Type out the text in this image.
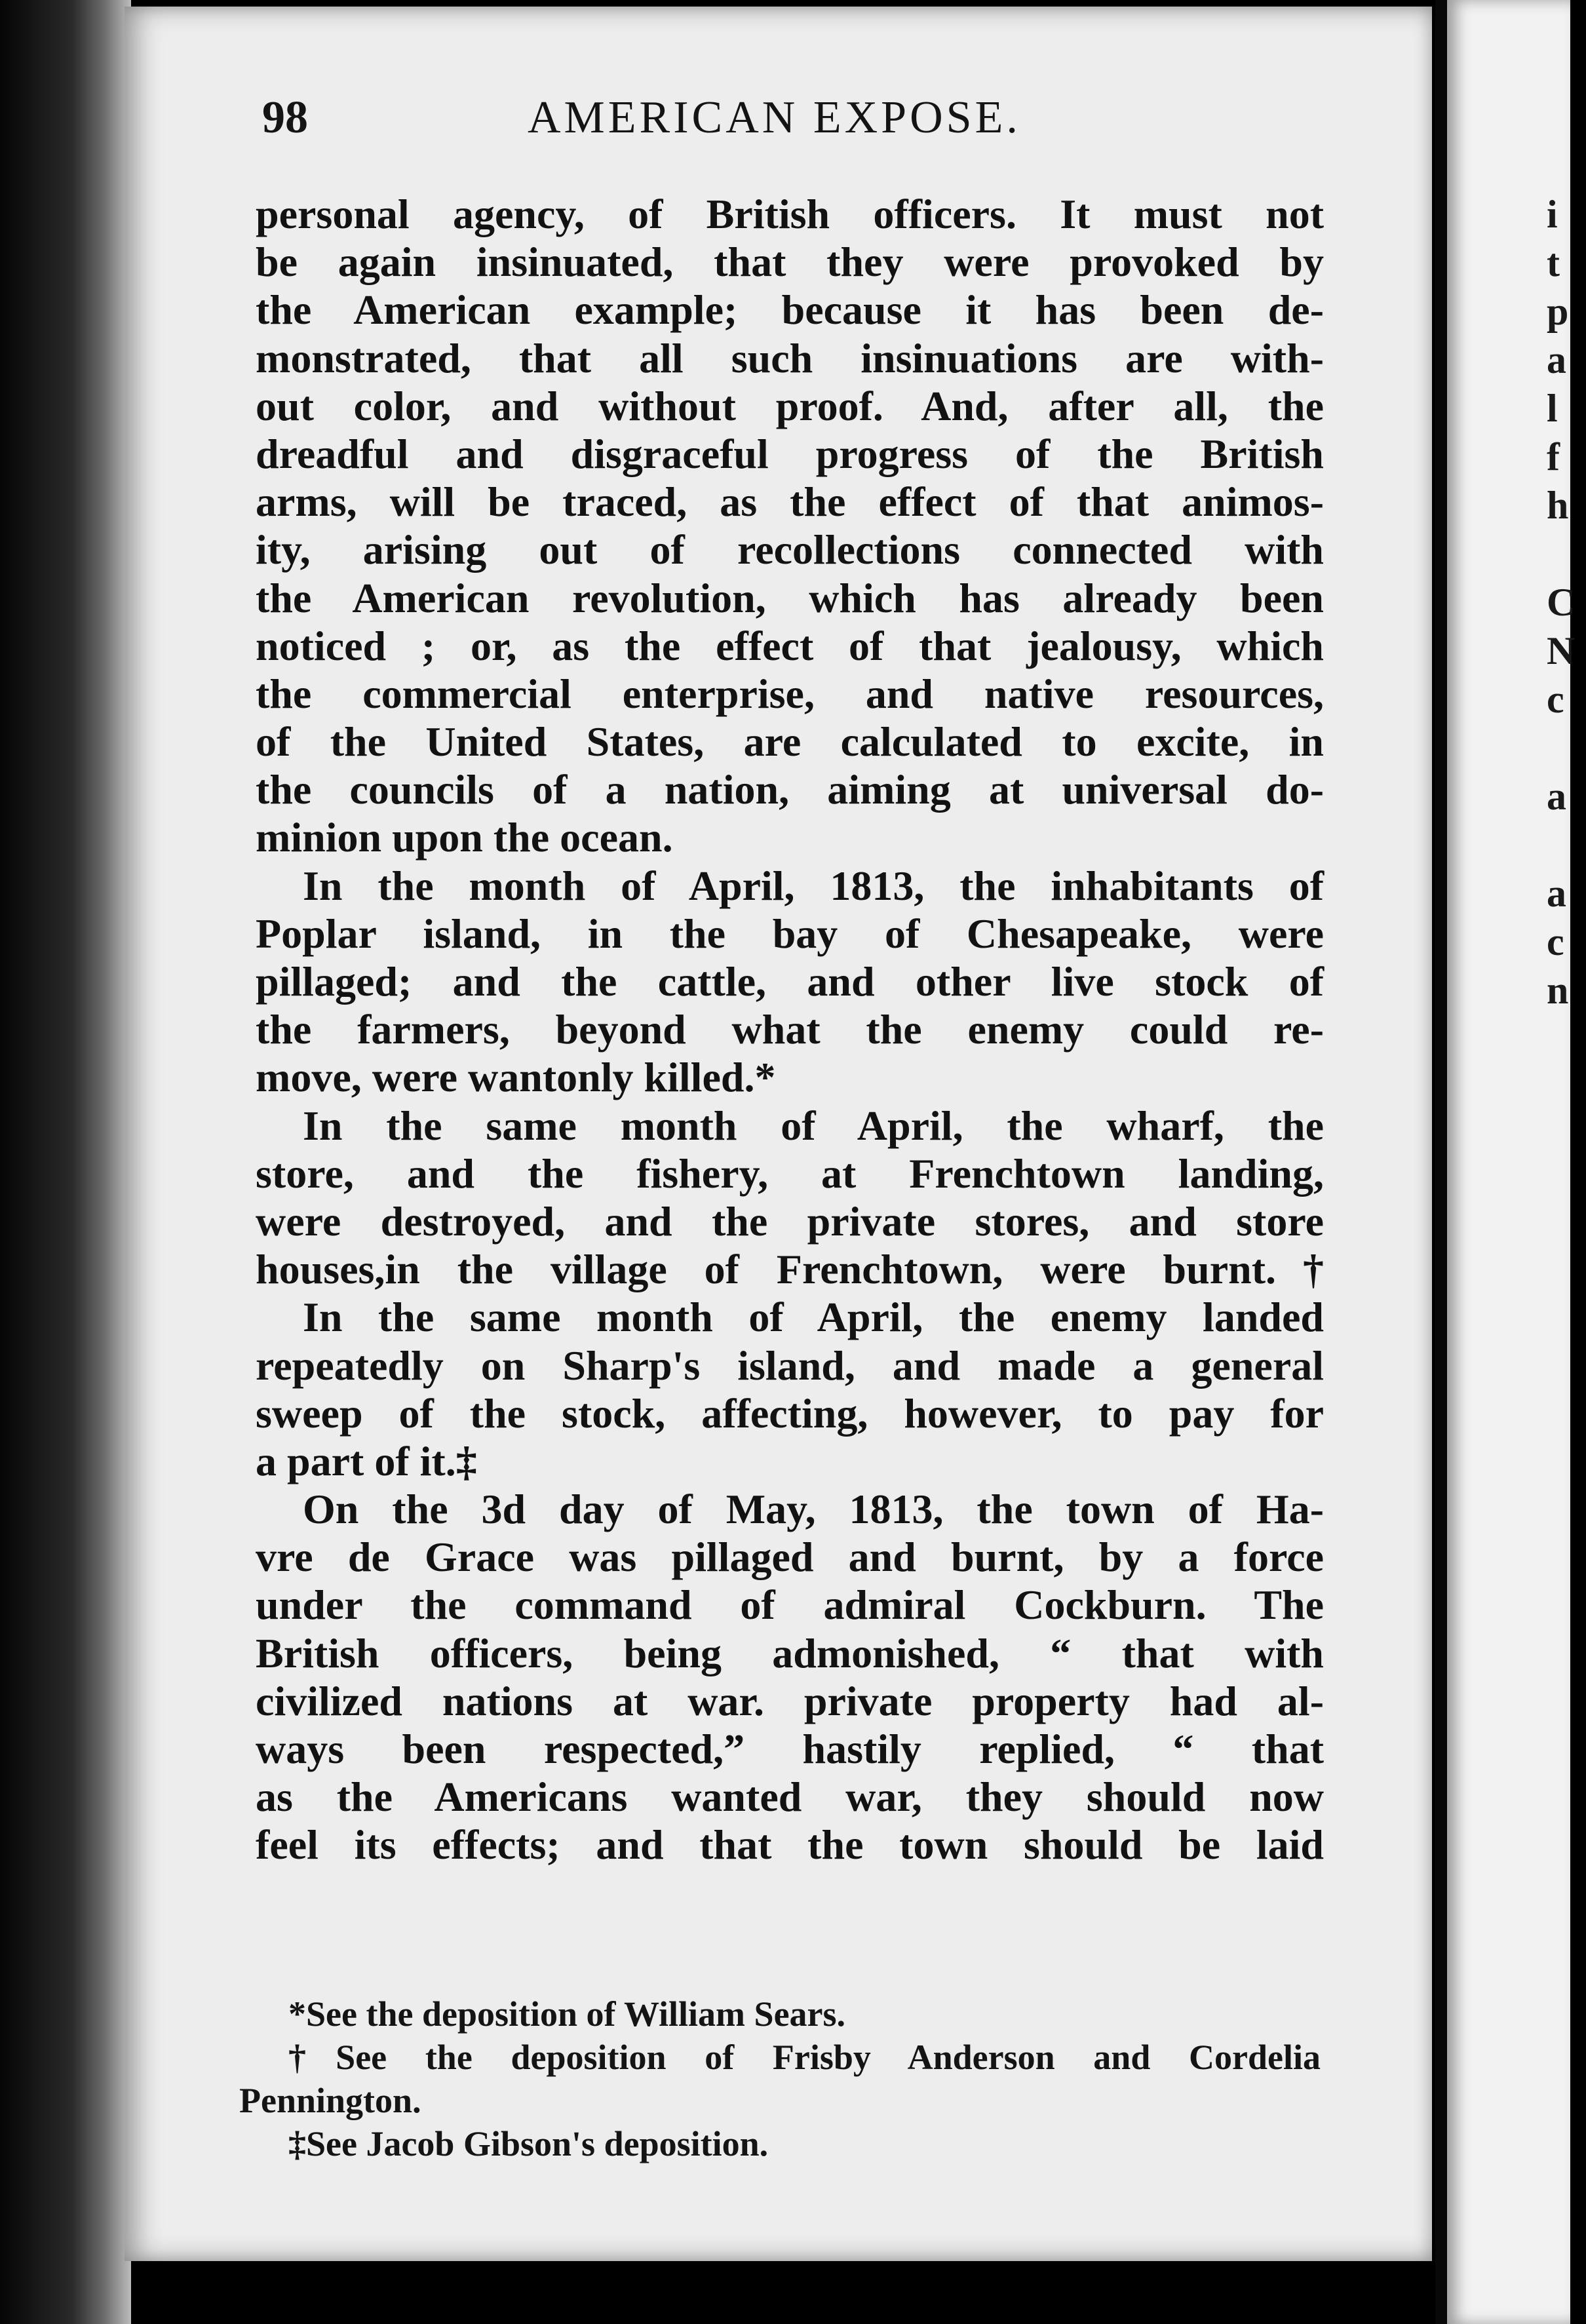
i
t
p
a
l
f
h
C
N
c
a
a
c
n
98	AMERICAN EXPOSE.
personal agency, of British officers. It must not
be again insinuated, that they were provoked by
the American example; because it has been de-
monstrated, that all such insinuations are with-
out color, and without proof. And, after all, the
dreadful and disgraceful progress of the British
arms, will be traced, as the effect of that animos-
ity, arising out of recollections connected with
the American revolution, which has already been
noticed ; or, as the effect of that jealousy, which
the commercial enterprise, and native resources,
of the United States, are calculated to excite, in
the councils of a nation, aiming at universal do-
minion upon the ocean.
In the month of April, 1813, the inhabitants of
Poplar island, in the bay of Chesapeake, were
pillaged; and the cattle, and other live stock of
the farmers, beyond what the enemy could re-
move, were wantonly killed.*
In the same month of April, the wharf, the
store, and the fishery, at Frenchtown landing,
were destroyed, and the private stores, and store
houses,in the village of Frenchtown, were burnt.†
In the same month of April, the enemy landed
repeatedly on Sharp's island, and made a general
sweep of the stock, affecting, however, to pay for
a part of it.‡
On the 3d day of May, 1813, the town of Ha-
vre de Grace was pillaged and burnt, by a force
under the command of admiral Cockburn. The
British officers, being admonished, “ that with
civilized nations at war. private property had al-
ways been respected,” hastily replied, “ that
as the Americans wanted war, they should now
feel its effects; and that the town should be laid
*See the deposition of William Sears.
†See the deposition of Frisby Anderson and Cordelia
Pennington.
‡See Jacob Gibson's deposition.
